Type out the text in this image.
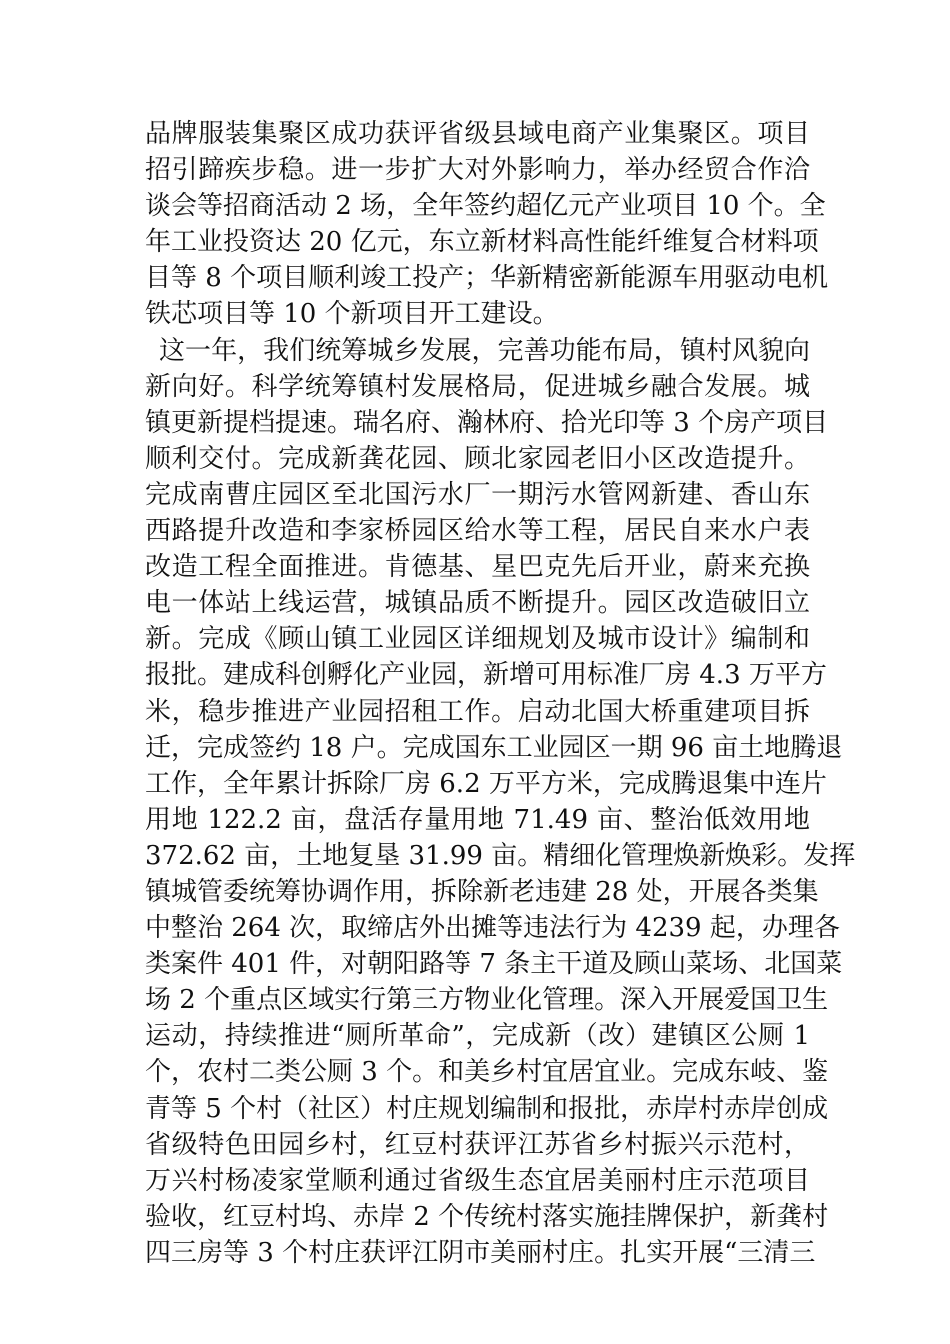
品牌服装集聚区成功获评省级县域电商产业集聚区。项目
招引蹄疾步稳。进一步扩大对外影响力，举办经贸合作洽
谈会等招商活动 2 场，全年签约超亿元产业项目 10 个。全
年工业投资达 20 亿元，东立新材料高性能纤维复合材料项
目等 8 个项目顺利竣工投产；华新精密新能源车用驱动电机
铁芯项目等 10 个新项目开工建设。
这一年，我们统筹城乡发展，完善功能布局，镇村风貌向
新向好。科学统筹镇村发展格局，促进城乡融合发展。城
镇更新提档提速。瑞名府、瀚林府、拾光印等 3 个房产项目
顺利交付。完成新龚花园、顾北家园老旧小区改造提升。
完成南曹庄园区至北国污水厂一期污水管网新建、香山东
西路提升改造和李家桥园区给水等工程，居民自来水户表
改造工程全面推进。肯德基、星巴克先后开业，蔚来充换
电一体站上线运营，城镇品质不断提升。园区改造破旧立
新。完成《顾山镇工业园区详细规划及城市设计》编制和
报批。建成科创孵化产业园，新增可用标准厂房 4.3 万平方
米，稳步推进产业园招租工作。启动北国大桥重建项目拆
迁，完成签约 18 户。完成国东工业园区一期 96 亩土地腾退
工作，全年累计拆除厂房 6.2 万平方米，完成腾退集中连片
用地 122.2 亩，盘活存量用地 71.49 亩、整治低效用地
372.62 亩，土地复垦 31.99 亩。精细化管理焕新焕彩。发挥
镇城管委统筹协调作用，拆除新老违建 28 处，开展各类集
中整治 264 次，取缔店外出摊等违法行为 4239 起，办理各
类案件 401 件，对朝阳路等 7 条主干道及顾山菜场、北国菜
场 2 个重点区域实行第三方物业化管理。深入开展爱国卫生
运动，持续推进“厕所革命”，完成新（改）建镇区公厕 1
个，农村二类公厕 3 个。和美乡村宜居宜业。完成东岐、鉴
青等 5 个村（社区）村庄规划编制和报批，赤岸村赤岸创成
省级特色田园乡村，红豆村获评江苏省乡村振兴示范村，
万兴村杨凌家堂顺利通过省级生态宜居美丽村庄示范项目
验收，红豆村坞、赤岸 2 个传统村落实施挂牌保护，新龚村
四三房等 3 个村庄获评江阴市美丽村庄。扎实开展“三清三
